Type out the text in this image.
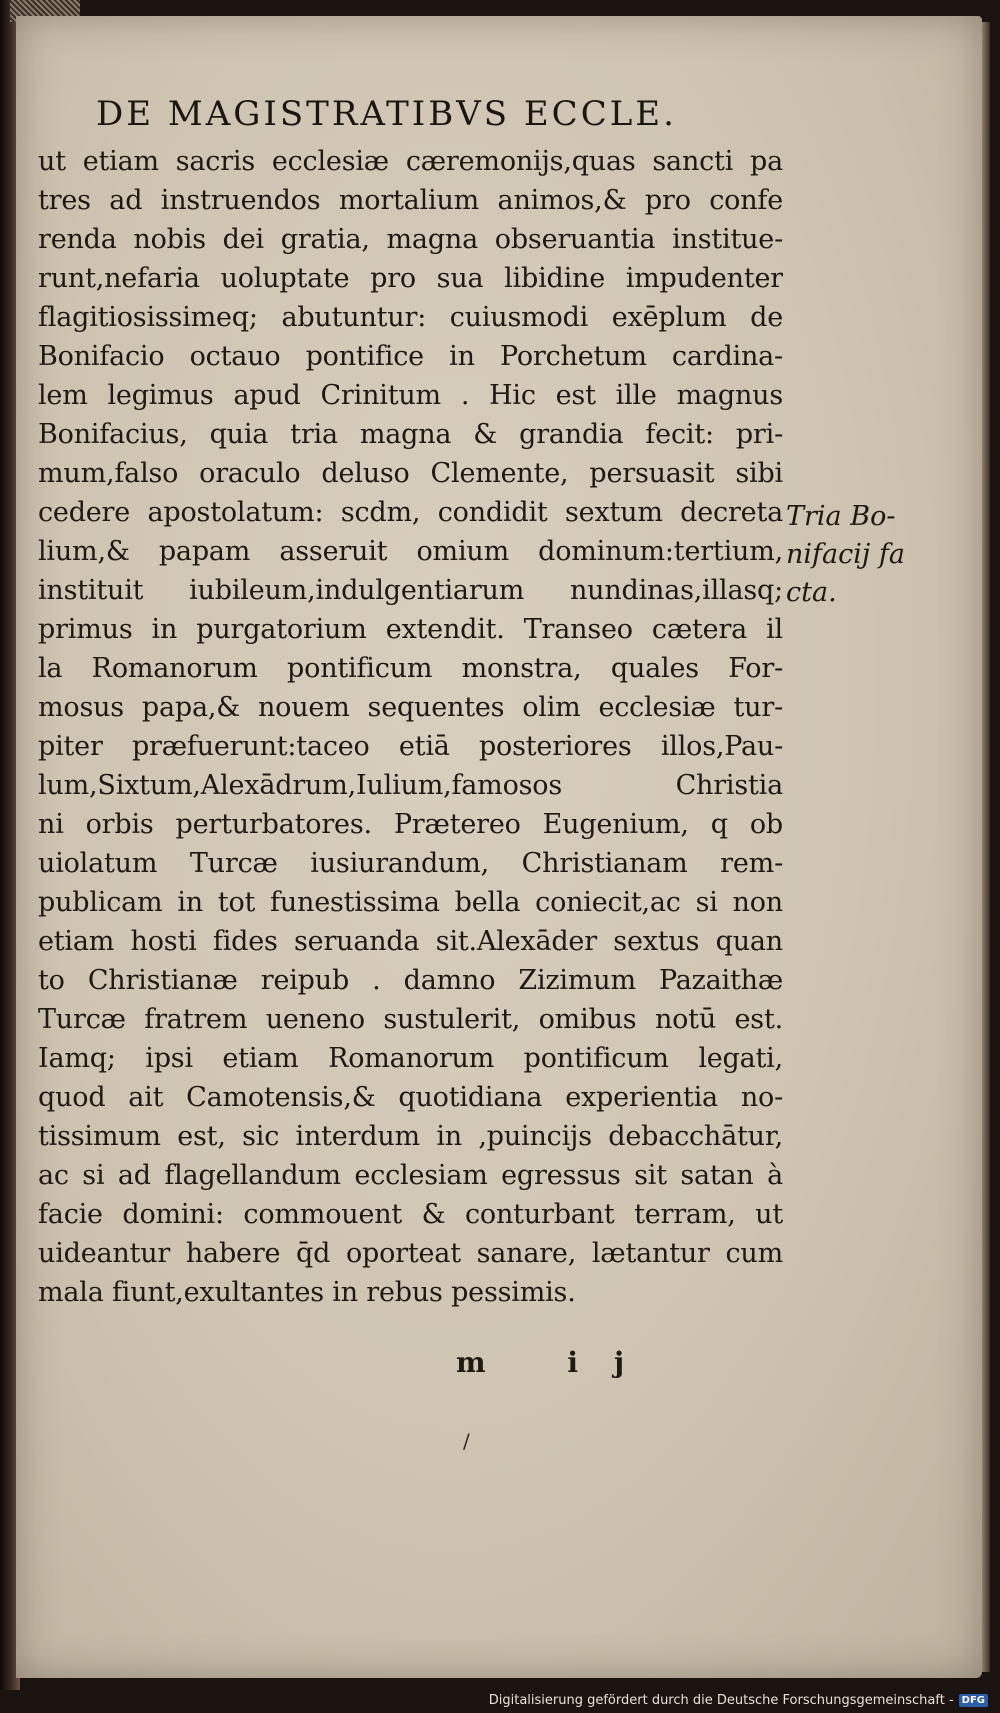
DE MAGISTRATIBVS ECCLE.
ut etiam sacris ecclesiæ cæremonijs,quas sancti pa
tres ad instruendos mortalium animos,& pro confe
renda nobis dei gratia, magna obseruantia institue-
runt,nefaria uoluptate pro sua libidine impudenter
flagitiosissimeq; abutuntur: cuiusmodi exēplum de
Bonifacio octauo pontifice in Porchetum cardina-
lem legimus apud Crinitum . Hic est ille magnus
Bonifacius, quia tria magna & grandia fecit: pri-
mum,falso oraculo deluso Clemente, persuasit sibi
cedere apostolatum: scdm, condidit sextum decreta
lium,& papam asseruit omium dominum:tertium,
instituit iubileum,indulgentiarum nundinas,illasq;
primus in purgatorium extendit. Transeo cætera il
la Romanorum pontificum monstra, quales For-
mosus papa,& nouem sequentes olim ecclesiæ tur-
piter præfuerunt:taceo etiā posteriores illos,Pau-
lum,Sixtum,Alexādrum,Iulium,famosos Christia
ni orbis perturbatores. Prætereo Eugenium, q ob
uiolatum Turcæ iusiurandum, Christianam rem-
publicam in tot funestissima bella coniecit,ac si non
etiam hosti fides seruanda sit.Alexāder sextus quan
to Christianæ reipub . damno Zizimum Pazaithæ
Turcæ fratrem ueneno sustulerit, omibus notū est.
Iamq; ipsi etiam Romanorum pontificum legati,
quod ait Camotensis,& quotidiana experientia no-
tissimum est, sic interdum in ,puincijs debacchātur,
ac si ad flagellandum ecclesiam egressus sit satan à
facie domini: commouent & conturbant terram, ut
uideantur habere q̄d oporteat sanare, lætantur cum
mala fiunt,exultantes in rebus pessimis.
Tria Bo-
nifacij fa
cta.
m ij
/
Digitalisierung gefördert durch die Deutsche Forschungsgemeinschaft - DFG
